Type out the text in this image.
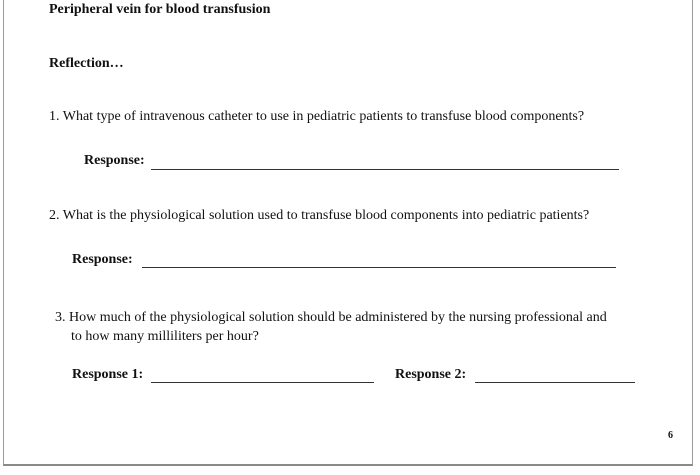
Peripheral vein for blood transfusion
Reflection…
1. What type of intravenous catheter to use in pediatric patients to transfuse blood components?
Response:
2. What is the physiological solution used to transfuse blood components into pediatric patients?
Response:
3. How much of the physiological solution should be administered by the nursing professional and
to how many milliliters per hour?
Response 1:	Response 2:
6
